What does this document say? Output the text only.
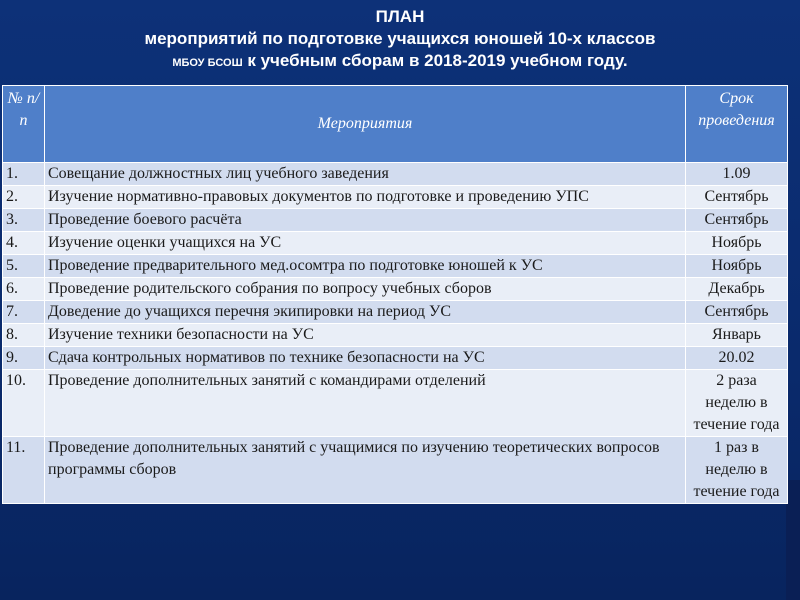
ПЛАН
мероприятий по подготовке учащихся юношей 10-х классов
МБОУ БСОШ к учебным сборам в 2018-2019 учебном году.
№ п/п	Мероприятия	Срок проведения
1.	Совещание должностных лиц учебного заведения	1.09
2.	Изучение нормативно-правовых документов по подготовке и проведению УПС	Сентябрь
3.	Проведение боевого расчёта	Сентябрь
4.	Изучение оценки учащихся на УС	Ноябрь
5.	Проведение предварительного мед.осомтра по подготовке юношей к УС	Ноябрь
6.	Проведение родительского собрания по вопросу учебных сборов	Декабрь
7.	Доведение до учащихся перечня экипировки на период УС	Сентябрь
8.	Изучение техники безопасности на УС	Январь
9.	Сдача контрольных нормативов по технике безопасности на УС	20.02
10.	Проведение дополнительных занятий с командирами отделений	2 раза неделю в течение года
11.	Проведение дополнительных занятий с учащимися по изучению теоретических вопросов программы сборов	1 раз в неделю в течение года
